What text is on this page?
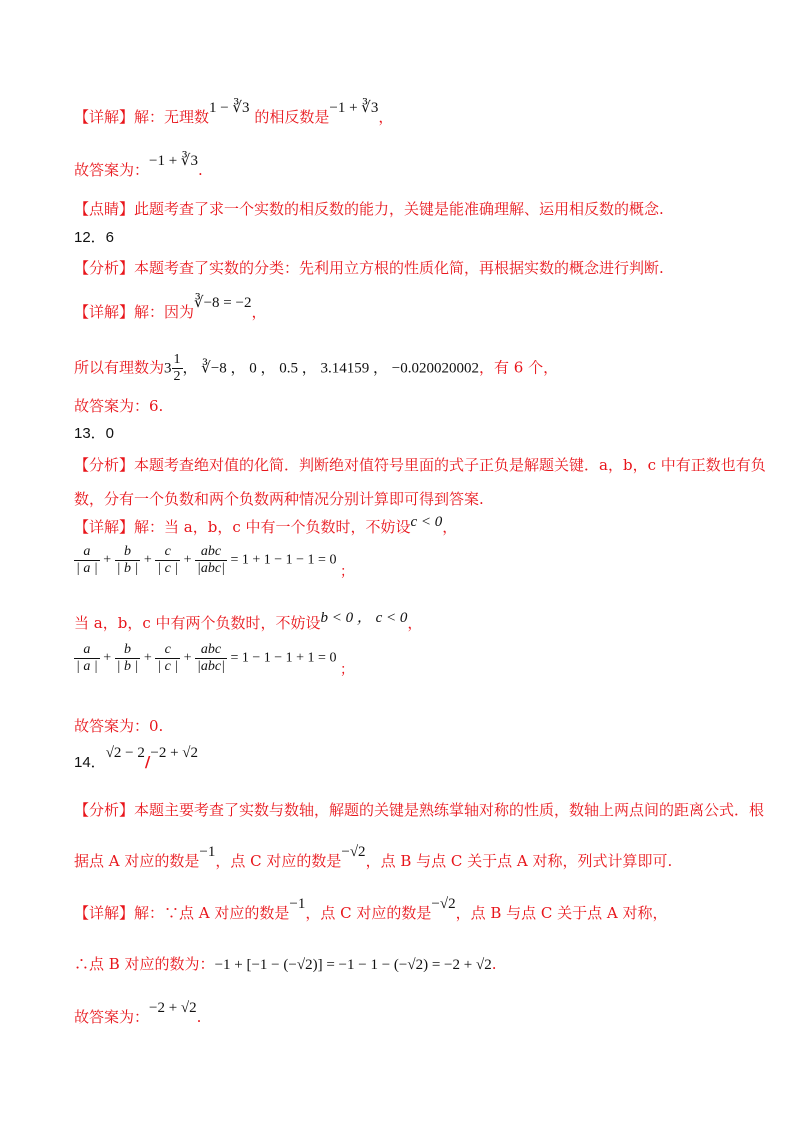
【详解】解：无理数1 − ∛3 的相反数是−1 + ∛3，
故答案为：−1 + ∛3.
【点睛】此题考查了求一个实数的相反数的能力，关键是能准确理解、运用相反数的概念.
12．6
【分析】本题考查了实数的分类：先利用立方根的性质化简，再根据实数的概念进行判断.
【详解】解：因为∛−8 = −2，
所以有理数为$3 \frac{1}{2}$ ， ∛−8 ， 0 ， 0.5 ， 3.14159 ， −0.020020002，有 6 个，
故答案为：6.
13．0
【分析】本题考查绝对值的化简．判断绝对值符号里面的式子正负是解题关键．a，b，c 中有正数也有负
数，分有一个负数和两个负数两种情况分别计算即可得到答案.
【详解】解：当 a，b，c 中有一个负数时，不妨设c < 0，
$\frac{a}{| a |} + \frac{b}{| b |} + \frac{c}{| c |} + \frac{\text{abc}}{\text{|abc|}} = 1 + 1 - 1 - 1 = 0$ ；
当 a，b，c 中有两个负数时，不妨设b < 0 ， c < 0，
$\frac{a}{| a |} + \frac{b}{| b |} + \frac{c}{| c |} + \frac{\text{abc}}{\text{|abc|}} = 1 - 1 - 1 + 1 = 0$ ；
故答案为：0.
14．√2 − 2/−2 + √2
【分析】本题主要考查了实数与数轴，解题的关键是熟练掌轴对称的性质，数轴上两点间的距离公式．根
据点 A 对应的数是−1，点 C 对应的数是−√2，点 B 与点 C 关于点 A 对称，列式计算即可.
【详解】解：∵点 A 对应的数是−1，点 C 对应的数是−√2，点 B 与点 C 关于点 A 对称，
∴点 B 对应的数为：−1 + [−1 − (−√2)] = −1 − 1 − (−√2) = −2 + √2.
故答案为：−2 + √2.
